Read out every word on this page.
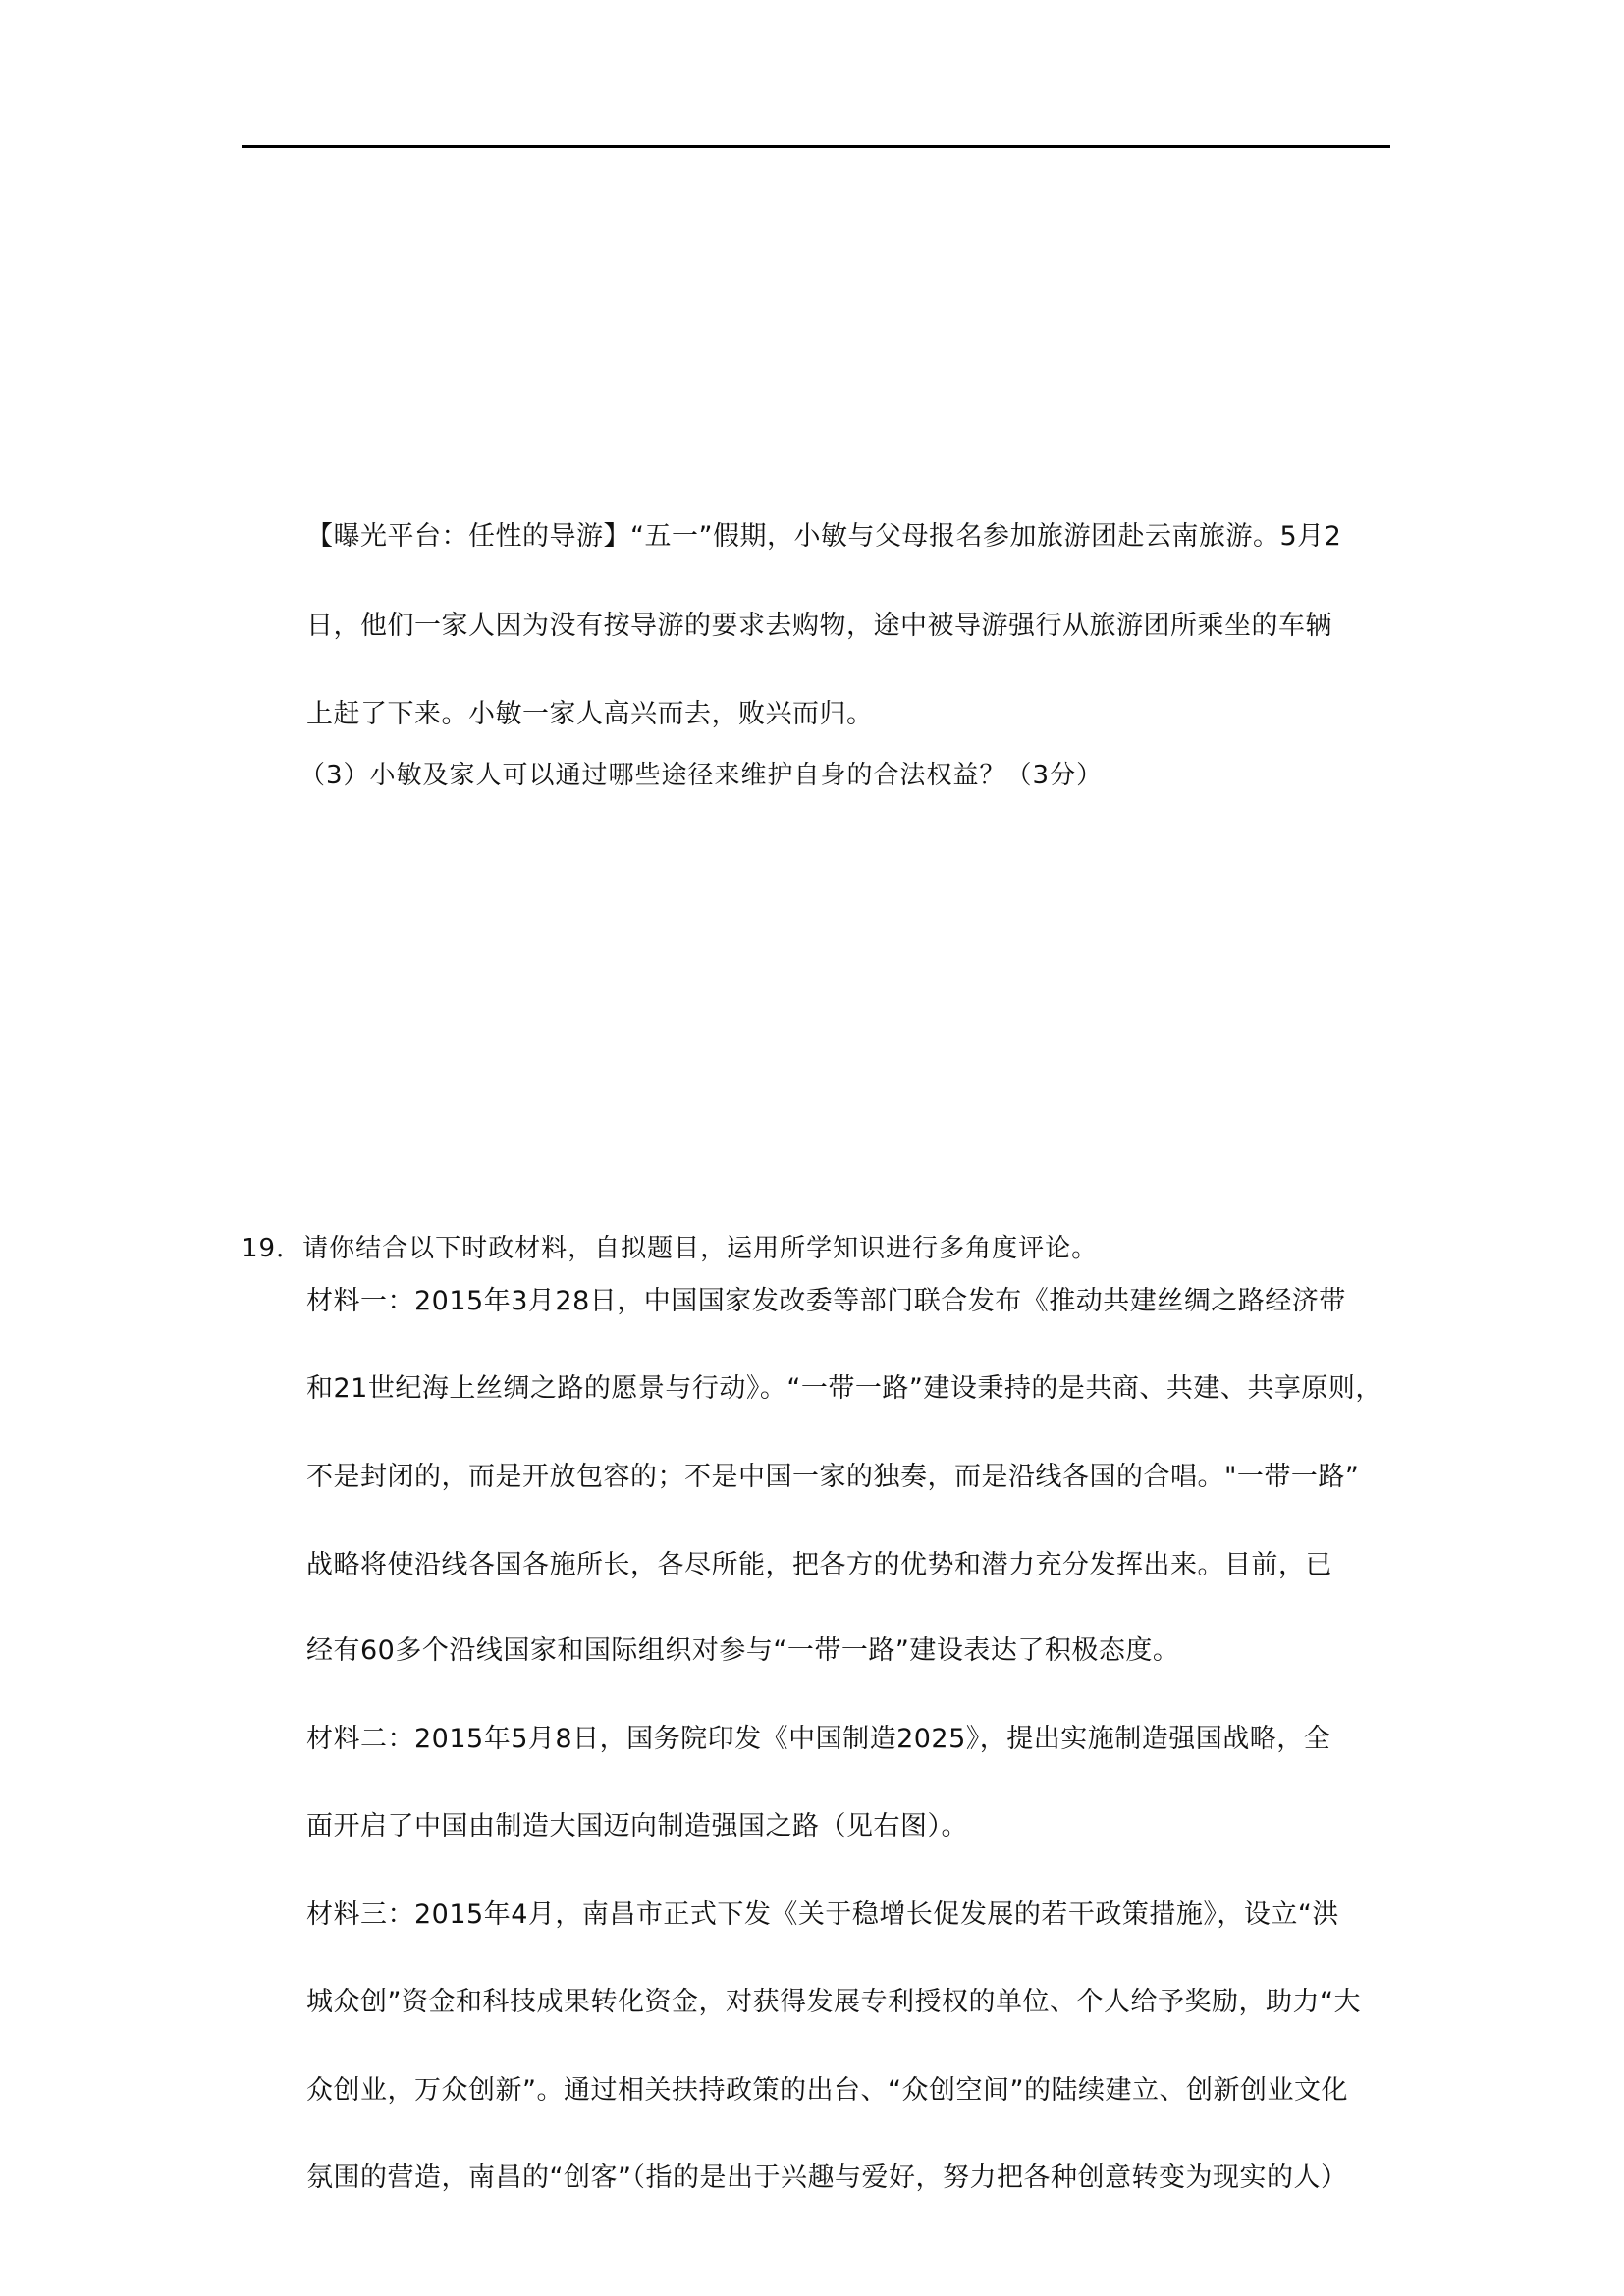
【曝光平台：任性的导游】“五一”假期，小敏与父母报名参加旅游团赴云南旅游。5月2
日，他们一家人因为没有按导游的要求去购物，途中被导游强行从旅游团所乘坐的车辆
上赶了下来。小敏一家人高兴而去，败兴而归。
（3）小敏及家人可以通过哪些途径来维护自身的合法权益？（3分）
19．请你结合以下时政材料，自拟题目，运用所学知识进行多角度评论。
材料一：2015年3月28日，中国国家发改委等部门联合发布《推动共建丝绸之路经济带
和21世纪海上丝绸之路的愿景与行动》。“一带一路”建设秉持的是共商、共建、共享原则，
不是封闭的，而是开放包容的；不是中国一家的独奏，而是沿线各国的合唱。"一带一路”
战略将使沿线各国各施所长，各尽所能，把各方的优势和潜力充分发挥出来。目前，已
经有60多个沿线国家和国际组织对参与“一带一路”建设表达了积极态度。
材料二：2015年5月8日，国务院印发《中国制造2025》，提出实施制造强国战略，全
面开启了中国由制造大国迈向制造强国之路（见右图）。
材料三：2015年4月，南昌市正式下发《关于稳增长促发展的若干政策措施》，设立“洪
城众创”资金和科技成果转化资金，对获得发展专利授权的单位、个人给予奖励，助力“大
众创业，万众创新”。通过相关扶持政策的出台、“众创空间”的陆续建立、创新创业文化
氛围的营造，南昌的“创客”（指的是出于兴趣与爱好，努力把各种创意转变为现实的人）
